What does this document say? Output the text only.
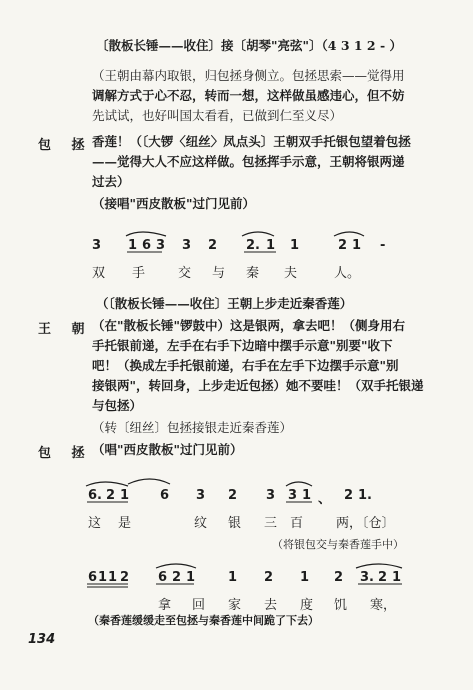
〔散板长锤——收住〕接〔胡琴"亮弦"〕（4 3 1 2 - ）
（王朝由幕内取银，归包拯身侧立。包拯思索——觉得用
调解方式于心不忍，转而一想，这样做虽感违心，但不妨
先试试，也好叫国太看看，已做到仁至义尽）
包 拯 香莲！（〔大锣〈纽丝〉凤点头〕王朝双手托银包望着包拯
——觉得大人不应这样做。包拯挥手示意，王朝将银两递
过去）
（接唱"西皮散板"过门见前）
3 1 6 3 3 2 2. 1 1	2 1 -
双 手	交 与 秦 夫	人。
（〔散板长锤——收住〕王朝上步走近秦香莲）
王 朝 （在"散板长锤"锣鼓中）这是银两，拿去吧！（侧身用右
手托银前递，左手在右手下边暗中摆手示意"别要"收下
吧！（换成左手托银前递，右手在左手下边摆手示意"别
接银两"，转回身，上步走近包拯）她不要哇！（双手托银递
与包拯）
（转〔纽丝〕包拯接银走近秦香莲）
包 拯 （唱"西皮散板"过门见前）
6. 2 1 6 3 2 3 3 1 、 2 1.
这 是	纹 银 三 百	两，〔仓〕
（将银包交与秦香莲手中）
6 1 1 2 6 2 1	1 2 1 2 3. 2 1
拿 回 家 去 度 饥 寒，
（秦香莲缓缓走至包拯与秦香莲中间跪了下去）
134
